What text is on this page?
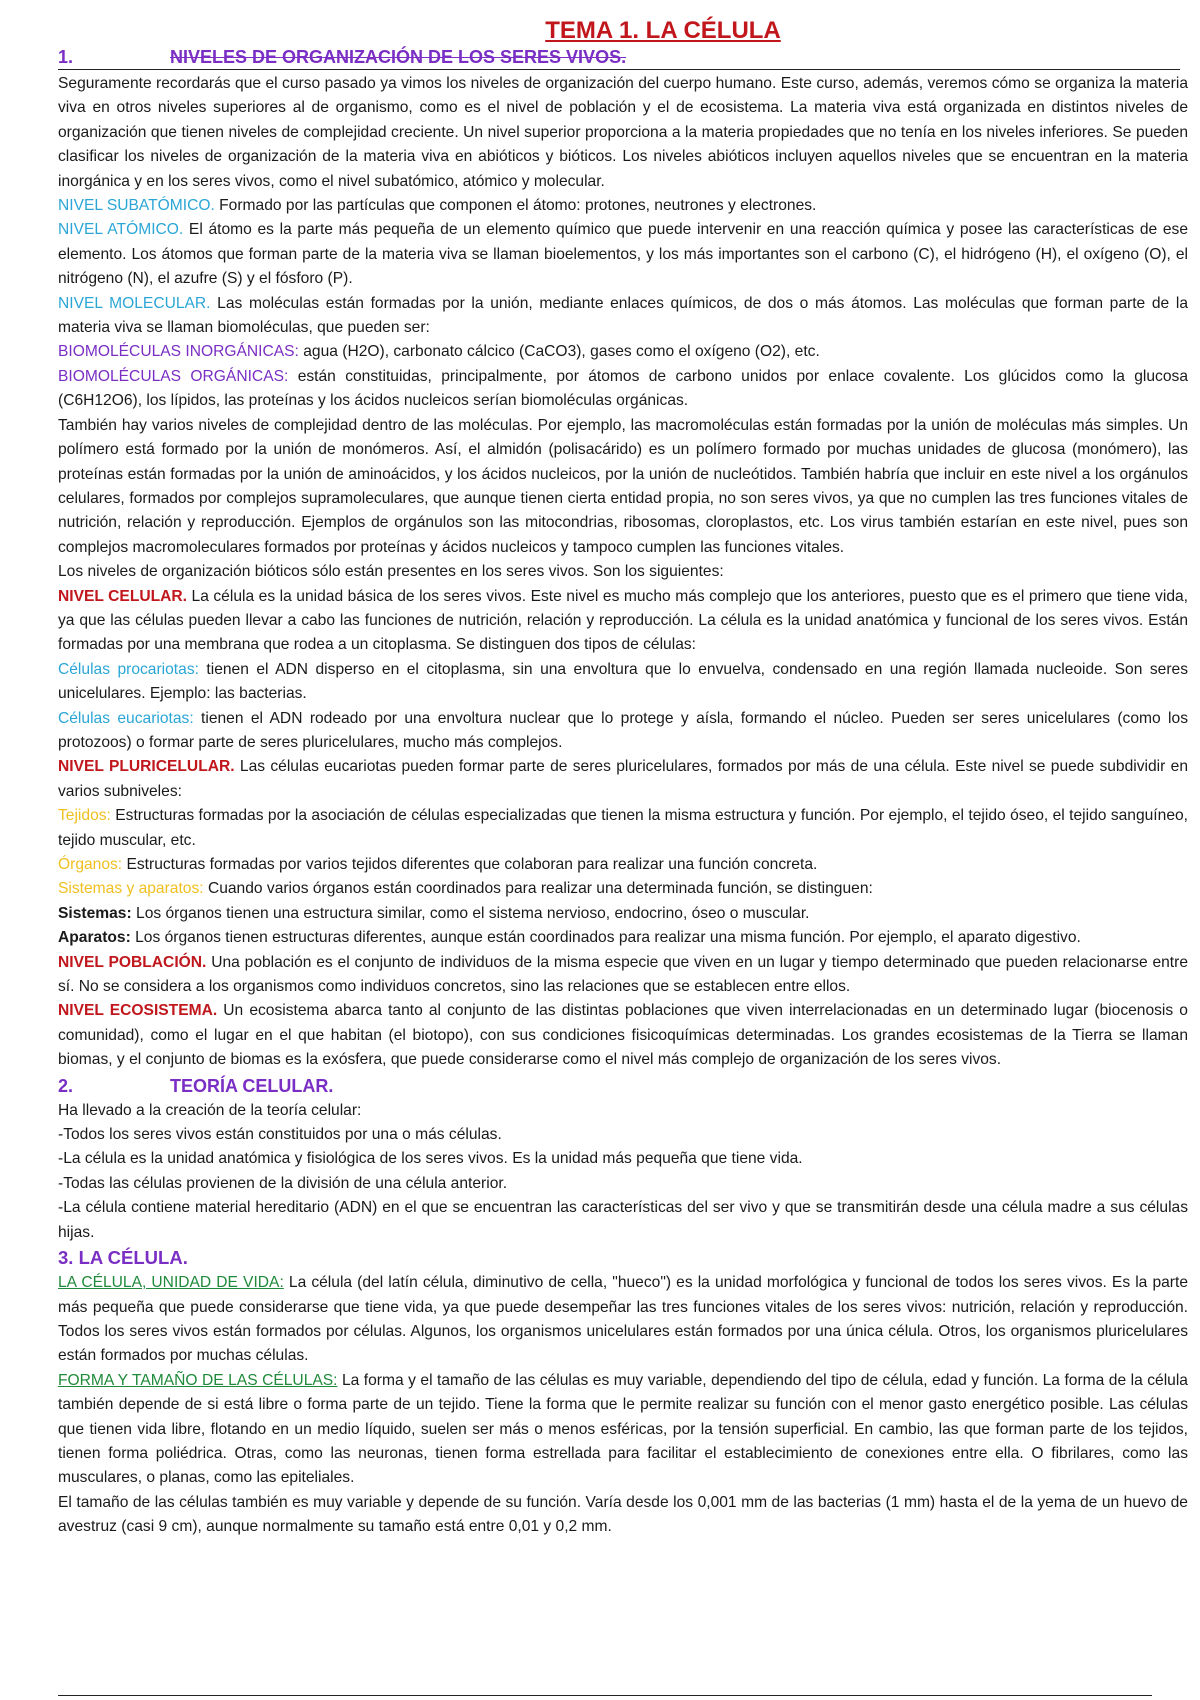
TEMA 1. LA CÉLULA
1.	NIVELES DE ORGANIZACIÓN DE LOS SERES VIVOS.

Seguramente recordarás que el curso pasado ya vimos los niveles de organización del cuerpo humano. Este curso, además, veremos cómo se organiza la materia viva en otros niveles superiores al de organismo, como es el nivel de población y el de ecosistema. La materia viva está organizada en distintos niveles de organización que tienen niveles de complejidad creciente. Un nivel superior proporciona a la materia propiedades que no tenía en los niveles inferiores. Se pueden clasificar los niveles de organización de la materia viva en abióticos y bióticos. Los niveles abióticos incluyen aquellos niveles que se encuentran en la materia inorgánica y en los seres vivos, como el nivel subatómico, atómico y molecular.

NIVEL SUBATÓMICO. Formado por las partículas que componen el átomo: protones, neutrones y electrones.

NIVEL ATÓMICO. El átomo es la parte más pequeña de un elemento químico que puede intervenir en una reacción química y posee las características de ese elemento. Los átomos que forman parte de la materia viva se llaman bioelementos, y los más importantes son el carbono (C), el hidrógeno (H), el oxígeno (O), el nitrógeno (N), el azufre (S) y el fósforo (P).

NIVEL MOLECULAR. Las moléculas están formadas por la unión, mediante enlaces químicos, de dos o más átomos. Las moléculas que forman parte de la materia viva se llaman biomoléculas, que pueden ser:

BIOMOLÉCULAS INORGÁNICAS: agua (H2O), carbonato cálcico (CaCO3), gases como el oxígeno (O2), etc.

BIOMOLÉCULAS ORGÁNICAS: están constituidas, principalmente, por átomos de carbono unidos por enlace covalente. Los glúcidos como la glucosa (C6H12O6), los lípidos, las proteínas y los ácidos nucleicos serían biomoléculas orgánicas.

También hay varios niveles de complejidad dentro de las moléculas. Por ejemplo, las macromoléculas están formadas por la unión de moléculas más simples. Un polímero está formado por la unión de monómeros. Así, el almidón (polisacárido) es un polímero formado por muchas unidades de glucosa (monómero), las proteínas están formadas por la unión de aminoácidos, y los ácidos nucleicos, por la unión de nucleótidos. También habría que incluir en este nivel a los orgánulos celulares, formados por complejos supramoleculares, que aunque tienen cierta entidad propia, no son seres vivos, ya que no cumplen las tres funciones vitales de nutrición, relación y reproducción. Ejemplos de orgánulos son las mitocondrias, ribosomas, cloroplastos, etc. Los virus también estarían en este nivel, pues son complejos macromoleculares formados por proteínas y ácidos nucleicos y tampoco cumplen las funciones vitales.

Los niveles de organización bióticos sólo están presentes en los seres vivos. Son los siguientes:

NIVEL CELULAR. La célula es la unidad básica de los seres vivos. Este nivel es mucho más complejo que los anteriores, puesto que es el primero que tiene vida, ya que las células pueden llevar a cabo las funciones de nutrición, relación y reproducción. La célula es la unidad anatómica y funcional de los seres vivos. Están formadas por una membrana que rodea a un citoplasma. Se distinguen dos tipos de células:

Células procariotas: tienen el ADN disperso en el citoplasma, sin una envoltura que lo envuelva, condensado en una región llamada nucleoide. Son seres unicelulares. Ejemplo: las bacterias.

Células eucariotas: tienen el ADN rodeado por una envoltura nuclear que lo protege y aísla, formando el núcleo. Pueden ser seres unicelulares (como los protozoos) o formar parte de seres pluricelulares, mucho más complejos.

NIVEL PLURICELULAR. Las células eucariotas pueden formar parte de seres pluricelulares, formados por más de una célula. Este nivel se puede subdividir en varios subniveles:

Tejidos: Estructuras formadas por la asociación de células especializadas que tienen la misma estructura y función. Por ejemplo, el tejido óseo, el tejido sanguíneo, tejido muscular, etc.

Órganos: Estructuras formadas por varios tejidos diferentes que colaboran para realizar una función concreta.

Sistemas y aparatos: Cuando varios órganos están coordinados para realizar una determinada función, se distinguen:

Sistemas: Los órganos tienen una estructura similar, como el sistema nervioso, endocrino, óseo o muscular.

Aparatos: Los órganos tienen estructuras diferentes, aunque están coordinados para realizar una misma función. Por ejemplo, el aparato digestivo.

NIVEL POBLACIÓN. Una población es el conjunto de individuos de la misma especie que viven en un lugar y tiempo determinado que pueden relacionarse entre sí. No se considera a los organismos como individuos concretos, sino las relaciones que se establecen entre ellos.

NIVEL ECOSISTEMA. Un ecosistema abarca tanto al conjunto de las distintas poblaciones que viven interrelacionadas en un determinado lugar (biocenosis o comunidad), como el lugar en el que habitan (el biotopo), con sus condiciones fisicoquímicas determinadas. Los grandes ecosistemas de la Tierra se llaman biomas, y el conjunto de biomas es la exósfera, que puede considerarse como el nivel más complejo de organización de los seres vivos.

2.	TEORÍA CELULAR.

Ha llevado a la creación de la teoría celular:

-Todos los seres vivos están constituidos por una o más células.

-La célula es la unidad anatómica y fisiológica de los seres vivos. Es la unidad más pequeña que tiene vida.

-Todas las células provienen de la división de una célula anterior.

-La célula contiene material hereditario (ADN) en el que se encuentran las características del ser vivo y que se transmitirán desde una célula madre a sus células hijas.

3. LA CÉLULA.

LA CÉLULA, UNIDAD DE VIDA: La célula (del latín célula, diminutivo de cella, "hueco") es la unidad morfológica y funcional de todos los seres vivos. Es la parte más pequeña que puede considerarse que tiene vida, ya que puede desempeñar las tres funciones vitales de los seres vivos: nutrición, relación y reproducción. Todos los seres vivos están formados por células. Algunos, los organismos unicelulares están formados por una única célula. Otros, los organismos pluricelulares están formados por muchas células.

FORMA Y TAMAÑO DE LAS CÉLULAS: La forma y el tamaño de las células es muy variable, dependiendo del tipo de célula, edad y función. La forma de la célula también depende de si está libre o forma parte de un tejido. Tiene la forma que le permite realizar su función con el menor gasto energético posible. Las células que tienen vida libre, flotando en un medio líquido, suelen ser más o menos esféricas, por la tensión superficial. En cambio, las que forman parte de los tejidos, tienen forma poliédrica. Otras, como las neuronas, tienen forma estrellada para facilitar el establecimiento de conexiones entre ella. O fibrilares, como las musculares, o planas, como las epiteliales.

El tamaño de las células también es muy variable y depende de su función. Varía desde los 0,001 mm de las bacterias (1 mm) hasta el de la yema de un huevo de avestruz (casi 9 cm), aunque normalmente su tamaño está entre 0,01 y 0,2 mm.
